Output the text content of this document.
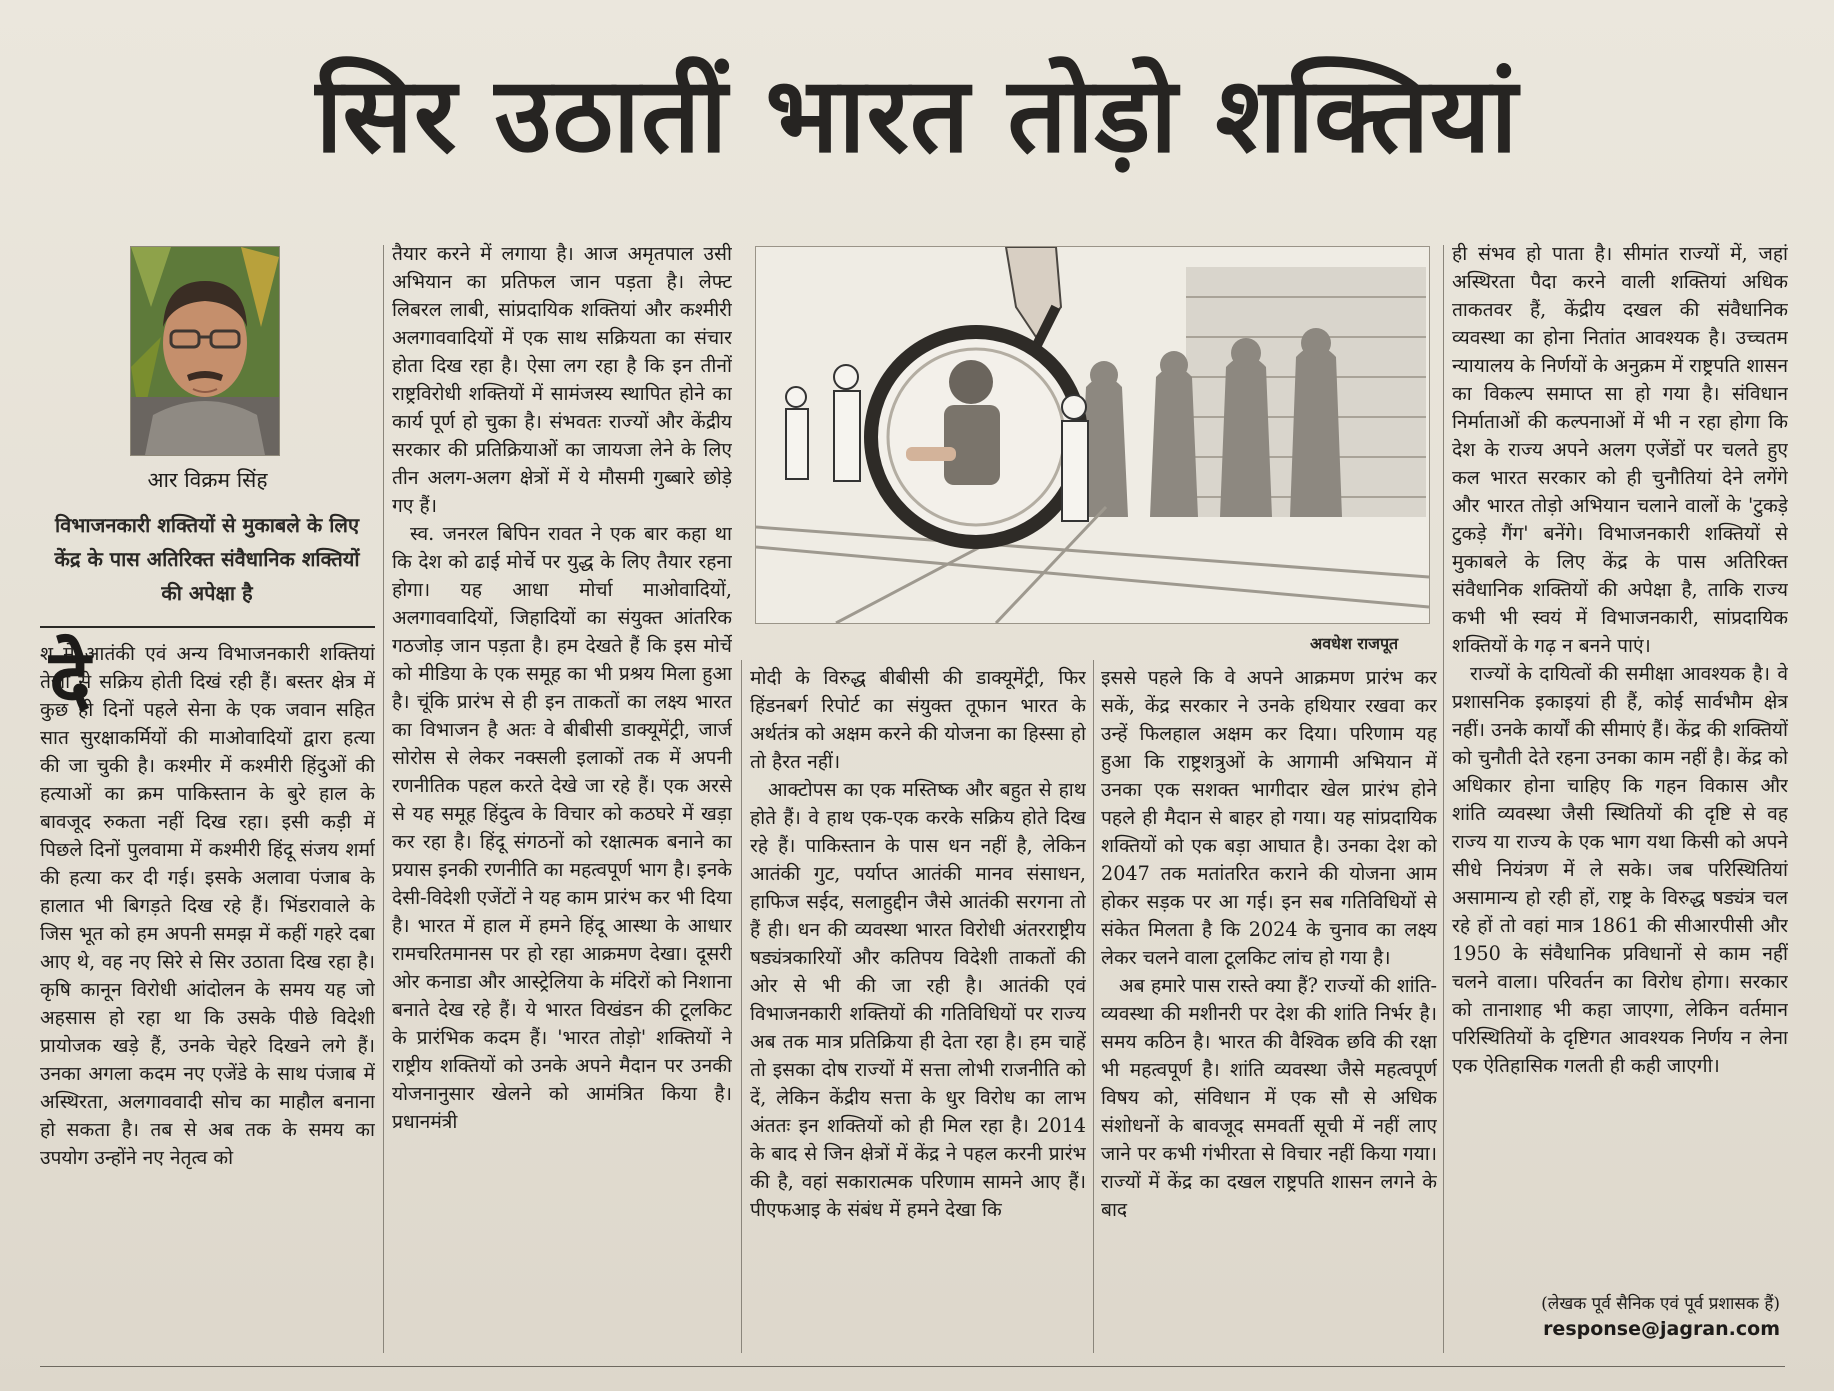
सिर उठातीं भारत तोड़ो शक्तियां
आर विक्रम सिंह
विभाजनकारी शक्तियों से मुकाबले के लिए केंद्र के पास अतिरिक्त संवैधानिक शक्तियों की अपेक्षा है
दे

श में आतंकी एवं अन्य विभाजनकारी शक्तियां तेजी से सक्रिय होती दिखं रही हैं। बस्तर क्षेत्र में कुछ ही दिनों पहले सेना के एक जवान सहित सात सुरक्षाकर्मियों की माओवादियों द्वारा हत्या की जा चुकी है। कश्मीर में कश्मीरी हिंदुओं की हत्याओं का क्रम पाकिस्तान के बुरे हाल के बावजूद रुकता नहीं दिख रहा। इसी कड़ी में पिछले दिनों पुलवामा में कश्मीरी हिंदू संजय शर्मा की हत्या कर दी गई। इसके अलावा पंजाब के हालात भी बिगड़ते दिख रहे हैं। भिंडरावाले के जिस भूत को हम अपनी समझ में कहीं गहरे दबा आए थे, वह नए सिरे से सिर उठाता दिख रहा है। कृषि कानून विरोधी आंदोलन के समय यह जो अहसास हो रहा था कि उसके पीछे विदेशी प्रायोजक खड़े हैं, उनके चेहरे दिखने लगे हैं। उनका अगला कदम नए एजेंडे के साथ पंजाब में अस्थिरता, अलगाववादी सोच का माहौल बनाना हो सकता है। तब से अब तक के समय का उपयोग उन्होंने नए नेतृत्व को

तैयार करने में लगाया है। आज अमृतपाल उसी अभियान का प्रतिफल जान पड़ता है। लेफ्ट लिबरल लाबी, सांप्रदायिक शक्तियां और कश्मीरी अलगाववादियों में एक साथ सक्रियता का संचार होता दिख रहा है। ऐसा लग रहा है कि इन तीनों राष्ट्रविरोधी शक्तियों में सामंजस्य स्थापित होने का कार्य पूर्ण हो चुका है। संभवतः राज्यों और केंद्रीय सरकार की प्रतिक्रियाओं का जायजा लेने के लिए तीन अलग-अलग क्षेत्रों में ये मौसमी गुब्बारे छोड़े गए हैं।

स्व. जनरल बिपिन रावत ने एक बार कहा था कि देश को ढाई मोर्चे पर युद्ध के लिए तैयार रहना होगा। यह आधा मोर्चा माओवादियों, अलगाववादियों, जिहादियों का संयुक्त आंतरिक गठजोड़ जान पड़ता है। हम देखते हैं कि इस मोर्चे को मीडिया के एक समूह का भी प्रश्रय मिला हुआ है। चूंकि प्रारंभ से ही इन ताकतों का लक्ष्य भारत का विभाजन है अतः वे बीबीसी डाक्यूमेंट्री, जार्ज सोरोस से लेकर नक्सली इलाकों तक में अपनी रणनीतिक पहल करते देखे जा रहे हैं। एक अरसे से यह समूह हिंदुत्व के विचार को कठघरे में खड़ा कर रहा है। हिंदू संगठनों को रक्षात्मक बनाने का प्रयास इनकी रणनीति का महत्वपूर्ण भाग है। इनके देसी-विदेशी एजेंटों ने यह काम प्रारंभ कर भी दिया है। भारत में हाल में हमने हिंदू आस्था के आधार रामचरितमानस पर हो रहा आक्रमण देखा। दूसरी ओर कनाडा और आस्ट्रेलिया के मंदिरों को निशाना बनाते देख रहे हैं। ये भारत विखंडन की टूलकिट के प्रारंभिक कदम हैं। 'भारत तोड़ो' शक्तियों ने राष्ट्रीय शक्तियों को उनके अपने मैदान पर उनकी योजनानुसार खेलने को आमंत्रित किया है। प्रधानमंत्री

अवधेश राजपूत

मोदी के विरुद्ध बीबीसी की डाक्यूमेंट्री, फिर हिंडनबर्ग रिपोर्ट का संयुक्त तूफान भारत के अर्थतंत्र को अक्षम करने की योजना का हिस्सा हो तो हैरत नहीं।

आक्टोपस का एक मस्तिष्क और बहुत से हाथ होते हैं। वे हाथ एक-एक करके सक्रिय होते दिख रहे हैं। पाकिस्तान के पास धन नहीं है, लेकिन आतंकी गुट, पर्याप्त आतंकी मानव संसाधन, हाफिज सईद, सलाहुद्दीन जैसे आतंकी सरगना तो हैं ही। धन की व्यवस्था भारत विरोधी अंतरराष्ट्रीय षड्यंत्रकारियों और कतिपय विदेशी ताकतों की ओर से भी की जा रही है। आतंकी एवं विभाजनकारी शक्तियों की गतिविधियों पर राज्य अब तक मात्र प्रतिक्रिया ही देता रहा है। हम चाहें तो इसका दोष राज्यों में सत्ता लोभी राजनीति को दें, लेकिन केंद्रीय सत्ता के धुर विरोध का लाभ अंततः इन शक्तियों को ही मिल रहा है। 2014 के बाद से जिन क्षेत्रों में केंद्र ने पहल करनी प्रारंभ की है, वहां सकारात्मक परिणाम सामने आए हैं। पीएफआइ के संबंध में हमने देखा कि

इससे पहले कि वे अपने आक्रमण प्रारंभ कर सकें, केंद्र सरकार ने उनके हथियार रखवा कर उन्हें फिलहाल अक्षम कर दिया। परिणाम यह हुआ कि राष्ट्रशत्रुओं के आगामी अभियान में उनका एक सशक्त भागीदार खेल प्रारंभ होने पहले ही मैदान से बाहर हो गया। यह सांप्रदायिक शक्तियों को एक बड़ा आघात है। उनका देश को 2047 तक मतांतरित कराने की योजना आम होकर सड़क पर आ गई। इन सब गतिविधियों से संकेत मिलता है कि 2024 के चुनाव का लक्ष्य लेकर चलने वाला टूलकिट लांच हो गया है।

अब हमारे पास रास्ते क्या हैं? राज्यों की शांति-व्यवस्था की मशीनरी पर देश की शांति निर्भर है। समय कठिन है। भारत की वैश्विक छवि की रक्षा भी महत्वपूर्ण है। शांति व्यवस्था जैसे महत्वपूर्ण विषय को, संविधान में एक सौ से अधिक संशोधनों के बावजूद समवर्ती सूची में नहीं लाए जाने पर कभी गंभीरता से विचार नहीं किया गया। राज्यों में केंद्र का दखल राष्ट्रपति शासन लगने के बाद

ही संभव हो पाता है। सीमांत राज्यों में, जहां अस्थिरता पैदा करने वाली शक्तियां अधिक ताकतवर हैं, केंद्रीय दखल की संवैधानिक व्यवस्था का होना नितांत आवश्यक है। उच्चतम न्यायालय के निर्णयों के अनुक्रम में राष्ट्रपति शासन का विकल्प समाप्त सा हो गया है। संविधान निर्माताओं की कल्पनाओं में भी न रहा होगा कि देश के राज्य अपने अलग एजेंडों पर चलते हुए कल भारत सरकार को ही चुनौतियां देने लगेंगे और भारत तोड़ो अभियान चलाने वालों के 'टुकड़े टुकड़े गैंग' बनेंगे। विभाजनकारी शक्तियों से मुकाबले के लिए केंद्र के पास अतिरिक्त संवैधानिक शक्तियों की अपेक्षा है, ताकि राज्य कभी भी स्वयं में विभाजनकारी, सांप्रदायिक शक्तियों के गढ़ न बनने पाएं।

राज्यों के दायित्वों की समीक्षा आवश्यक है। वे प्रशासनिक इकाइयां ही हैं, कोई सार्वभौम क्षेत्र नहीं। उनके कार्यों की सीमाएं हैं। केंद्र की शक्तियों को चुनौती देते रहना उनका काम नहीं है। केंद्र को अधिकार होना चाहिए कि गहन विकास और शांति व्यवस्था जैसी स्थितियों की दृष्टि से वह राज्य या राज्य के एक भाग यथा किसी को अपने सीधे नियंत्रण में ले सके। जब परिस्थितियां असामान्य हो रही हों, राष्ट्र के विरुद्ध षड्यंत्र चल रहे हों तो वहां मात्र 1861 की सीआरपीसी और 1950 के संवैधानिक प्रविधानों से काम नहीं चलने वाला। परिवर्तन का विरोध होगा। सरकार को तानाशाह भी कहा जाएगा, लेकिन वर्तमान परिस्थितियों के दृष्टिगत आवश्यक निर्णय न लेना एक ऐतिहासिक गलती ही कही जाएगी।

(लेखक पूर्व सैनिक एवं पूर्व प्रशासक हैं)
response@jagran.com
